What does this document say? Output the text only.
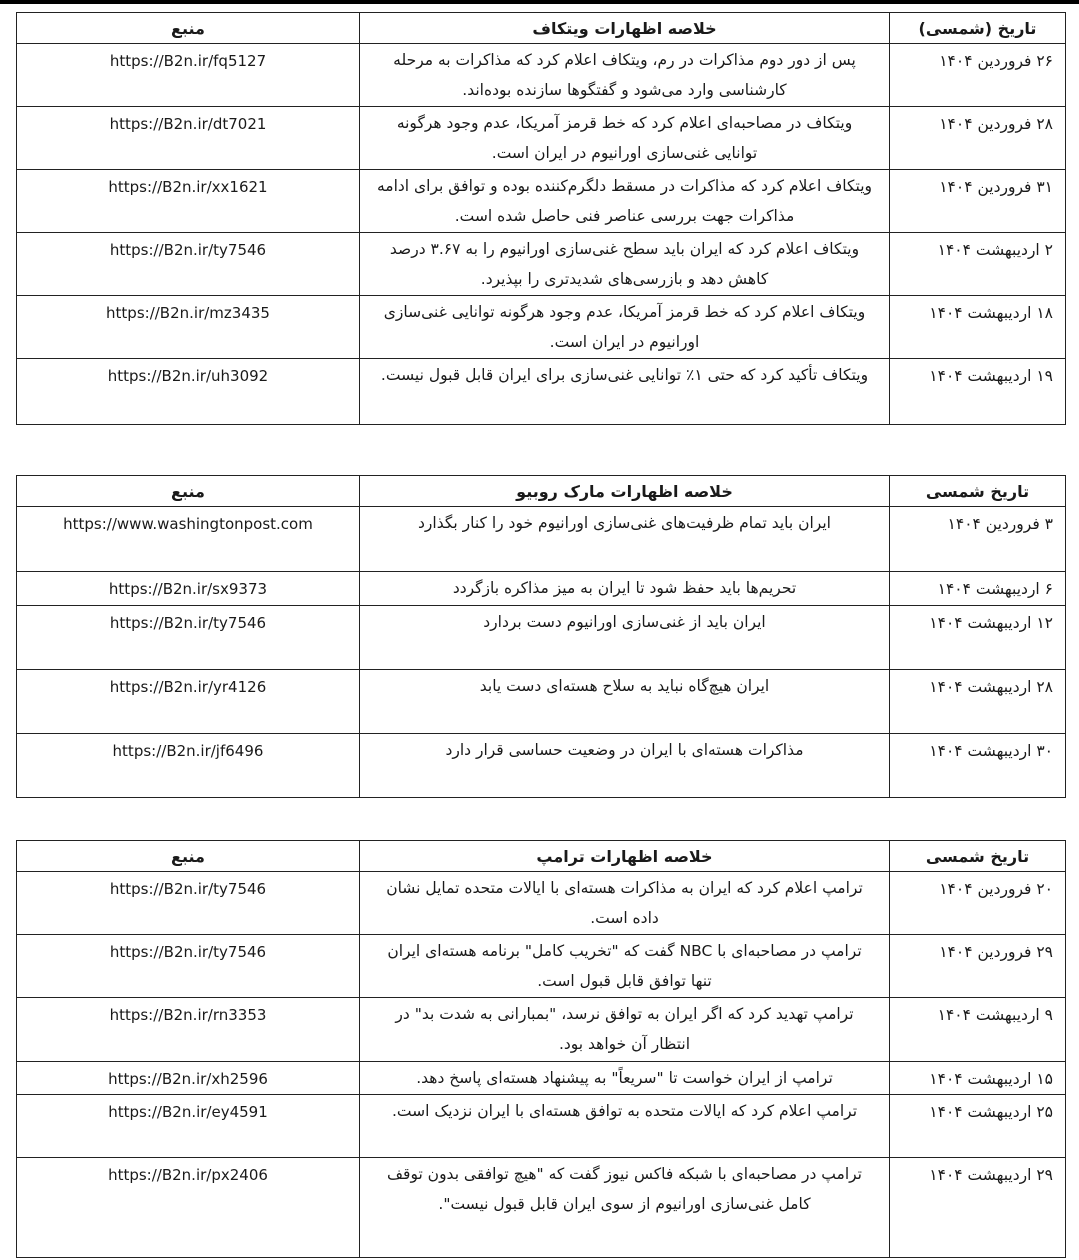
منبع	خلاصه اظهارات ویتکاف	تاریخ (شمسی)
https://B2n.ir/fq5127	پس از دور دوم مذاکرات در رم، ویتکاف اعلام کرد که مذاکرات به مرحله کارشناسی وارد می‌شود و گفتگوها سازنده بوده‌اند.	۲۶ فروردین ۱۴۰۴
https://B2n.ir/dt7021	ویتکاف در مصاحبه‌ای اعلام کرد که خط قرمز آمریکا، عدم وجود هرگونه توانایی غنی‌سازی اورانیوم در ایران است.	۲۸ فروردین ۱۴۰۴
https://B2n.ir/xx1621	ویتکاف اعلام کرد که مذاکرات در مسقط دلگرم‌کننده بوده و توافق برای ادامه مذاکرات جهت بررسی عناصر فنی حاصل شده است.	۳۱ فروردین ۱۴۰۴
https://B2n.ir/ty7546	ویتکاف اعلام کرد که ایران باید سطح غنی‌سازی اورانیوم را به ۳.۶۷ درصد کاهش دهد و بازرسی‌های شدیدتری را بپذیرد.	۲ اردیبهشت ۱۴۰۴
https://B2n.ir/mz3435	ویتکاف اعلام کرد که خط قرمز آمریکا، عدم وجود هرگونه توانایی غنی‌سازی اورانیوم در ایران است.	۱۸ اردیبهشت ۱۴۰۴
https://B2n.ir/uh3092	ویتکاف تأکید کرد که حتی ۱٪ توانایی غنی‌سازی برای ایران قابل قبول نیست.	۱۹ اردیبهشت ۱۴۰۴
منبع	خلاصه اظهارات مارک روبیو	تاریخ شمسی
https://www.washingtonpost.com	ایران باید تمام ظرفیت‌های غنی‌سازی اورانیوم خود را کنار بگذارد	۳ فروردین ۱۴۰۴
https://B2n.ir/sx9373	تحریم‌ها باید حفظ شود تا ایران به میز مذاکره بازگردد	۶ اردیبهشت ۱۴۰۴
https://B2n.ir/ty7546	ایران باید از غنی‌سازی اورانیوم دست بردارد	۱۲ اردیبهشت ۱۴۰۴
https://B2n.ir/yr4126	ایران هیچ‌گاه نباید به سلاح هسته‌ای دست یابد	۲۸ اردیبهشت ۱۴۰۴
https://B2n.ir/jf6496	مذاکرات هسته‌ای با ایران در وضعیت حساسی قرار دارد	۳۰ اردیبهشت ۱۴۰۴
منبع	خلاصه اظهارات ترامپ	تاریخ شمسی
https://B2n.ir/ty7546	ترامپ اعلام کرد که ایران به مذاکرات هسته‌ای با ایالات متحده تمایل نشان داده است.	۲۰ فروردین ۱۴۰۴
https://B2n.ir/ty7546	ترامپ در مصاحبه‌ای با NBC گفت که "تخریب کامل" برنامه هسته‌ای ایران تنها توافق قابل قبول است.	۲۹ فروردین ۱۴۰۴
https://B2n.ir/rn3353	ترامپ تهدید کرد که اگر ایران به توافق نرسد، "بمبارانی به شدت بد" در انتظار آن خواهد بود.	۹ اردیبهشت ۱۴۰۴
https://B2n.ir/xh2596	ترامپ از ایران خواست تا "سریعاً" به پیشنهاد هسته‌ای پاسخ دهد.	۱۵ اردیبهشت ۱۴۰۴
https://B2n.ir/ey4591	ترامپ اعلام کرد که ایالات متحده به توافق هسته‌ای با ایران نزدیک است.	۲۵ اردیبهشت ۱۴۰۴
https://B2n.ir/px2406	ترامپ در مصاحبه‌ای با شبکه فاکس نیوز گفت که "هیچ توافقی بدون توقف کامل غنی‌سازی اورانیوم از سوی ایران قابل قبول نیست".	۲۹ اردیبهشت ۱۴۰۴
